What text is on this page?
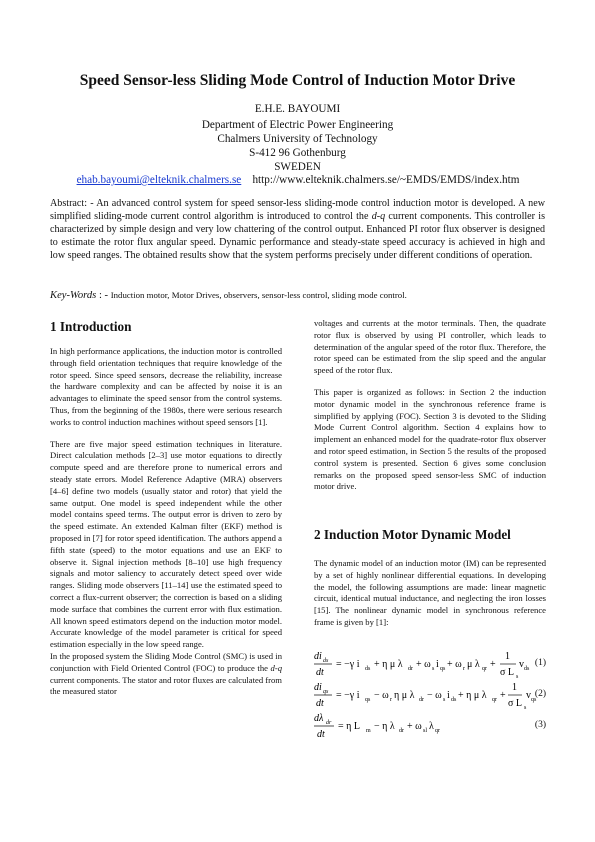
Speed Sensor-less Sliding Mode Control of Induction Motor Drive
E.H.E. BAYOUMI
Department of Electric Power Engineering
Chalmers University of Technology
S-412 96 Gothenburg
SWEDEN
ehab.bayoumi@elteknik.chalmers.se http://www.elteknik.chalmers.se/~EMDS/EMDS/index.htm
Abstract: - An advanced control system for speed sensor-less sliding-mode control induction motor is developed. A new simplified sliding-mode current control algorithm is introduced to control the d-q current components. This controller is characterized by simple design and very low chattering of the control output. Enhanced PI rotor flux observer is designed to estimate the rotor flux angular speed. Dynamic performance and steady-state speed accuracy is achieved in high and low speed ranges. The obtained results show that the system performs precisely under different conditions of operation.
Key-Words : - Induction motor, Motor Drives, observers, sensor-less control, sliding mode control.
1 Introduction

In high performance applications, the induction motor is controlled through field orientation techniques that require knowledge of the rotor speed. Since speed sensors, decrease the reliability, increase the hardware complexity and can be affected by noise it is an advantages to eliminate the speed sensor from the control systems. Thus, from the beginning of the 1980s, there were serious research works to control induction machines without speed sensors [1].

There are five major speed estimation techniques in literature. Direct calculation methods [2–3] use motor equations to directly compute speed and are therefore prone to numerical errors and steady state errors. Model Reference Adaptive (MRA) observers [4–6] define two models (usually stator and rotor) that yield the same output. One model is speed independent while the other model contains speed terms. The output error is driven to zero by the speed estimate. An extended Kalman filter (EKF) method is proposed in [7] for rotor speed identification. The authors append a fifth state (speed) to the motor equations and use an EKF to observe it. Signal injection methods [8–10] use high frequency signals and motor saliency to accurately detect speed over wide ranges. Sliding mode observers [11–14] use the estimated speed to correct a flux-current observer; the correction is based on a sliding mode surface that combines the current error with flux estimation. All known speed estimators depend on the induction motor model. Accurate knowledge of the model parameter is critical for speed estimation especially in the low speed range.

In the proposed system the Sliding Mode Control (SMC) is used in conjunction with Field Oriented Control (FOC) to produce the d-q current components. The stator and rotor fluxes are calculated from the measured stator

voltages and currents at the motor terminals. Then, the quadrate rotor flux is observed by using PI controller, which leads to determination of the angular speed of the rotor flux. Therefore, the rotor speed can be estimated from the slip speed and the angular speed of the rotor flux.

This paper is organized as follows: in Section 2 the induction motor dynamic model in the synchronous reference frame is simplified by applying (FOC). Section 3 is devoted to the Sliding Mode Current Control algorithm. Section 4 explains how to implement an enhanced model for the quadrate-rotor flux observer and rotor speed estimation, in Section 5 the results of the proposed control system is presented. Section 6 gives some conclusion remarks on the proposed speed sensor-less SMC of induction motor drive.

2 Induction Motor Dynamic Model

The dynamic model of an induction motor (IM) can be represented by a set of highly nonlinear differential equations. In developing the model, the following assumptions are made: linear magnetic circuit, identical mutual inductance, and neglecting the iron losses [15]. The nonlinear dynamic model in synchronous reference frame is given by [1]:

di ds
dt
= −γ i ds + η μ λ dr + ω s i qs + ω r μ λ qr +
1
σ L s
v ds
(1)
di qs
dt
= −γ i qs − ω r η μ λ dr − ω s i ds + η μ λ qr +
1
σ L s
v qs
(2)
dλ dr
dt
= η L m − η λ dr + ω sl λ qr
(3)
